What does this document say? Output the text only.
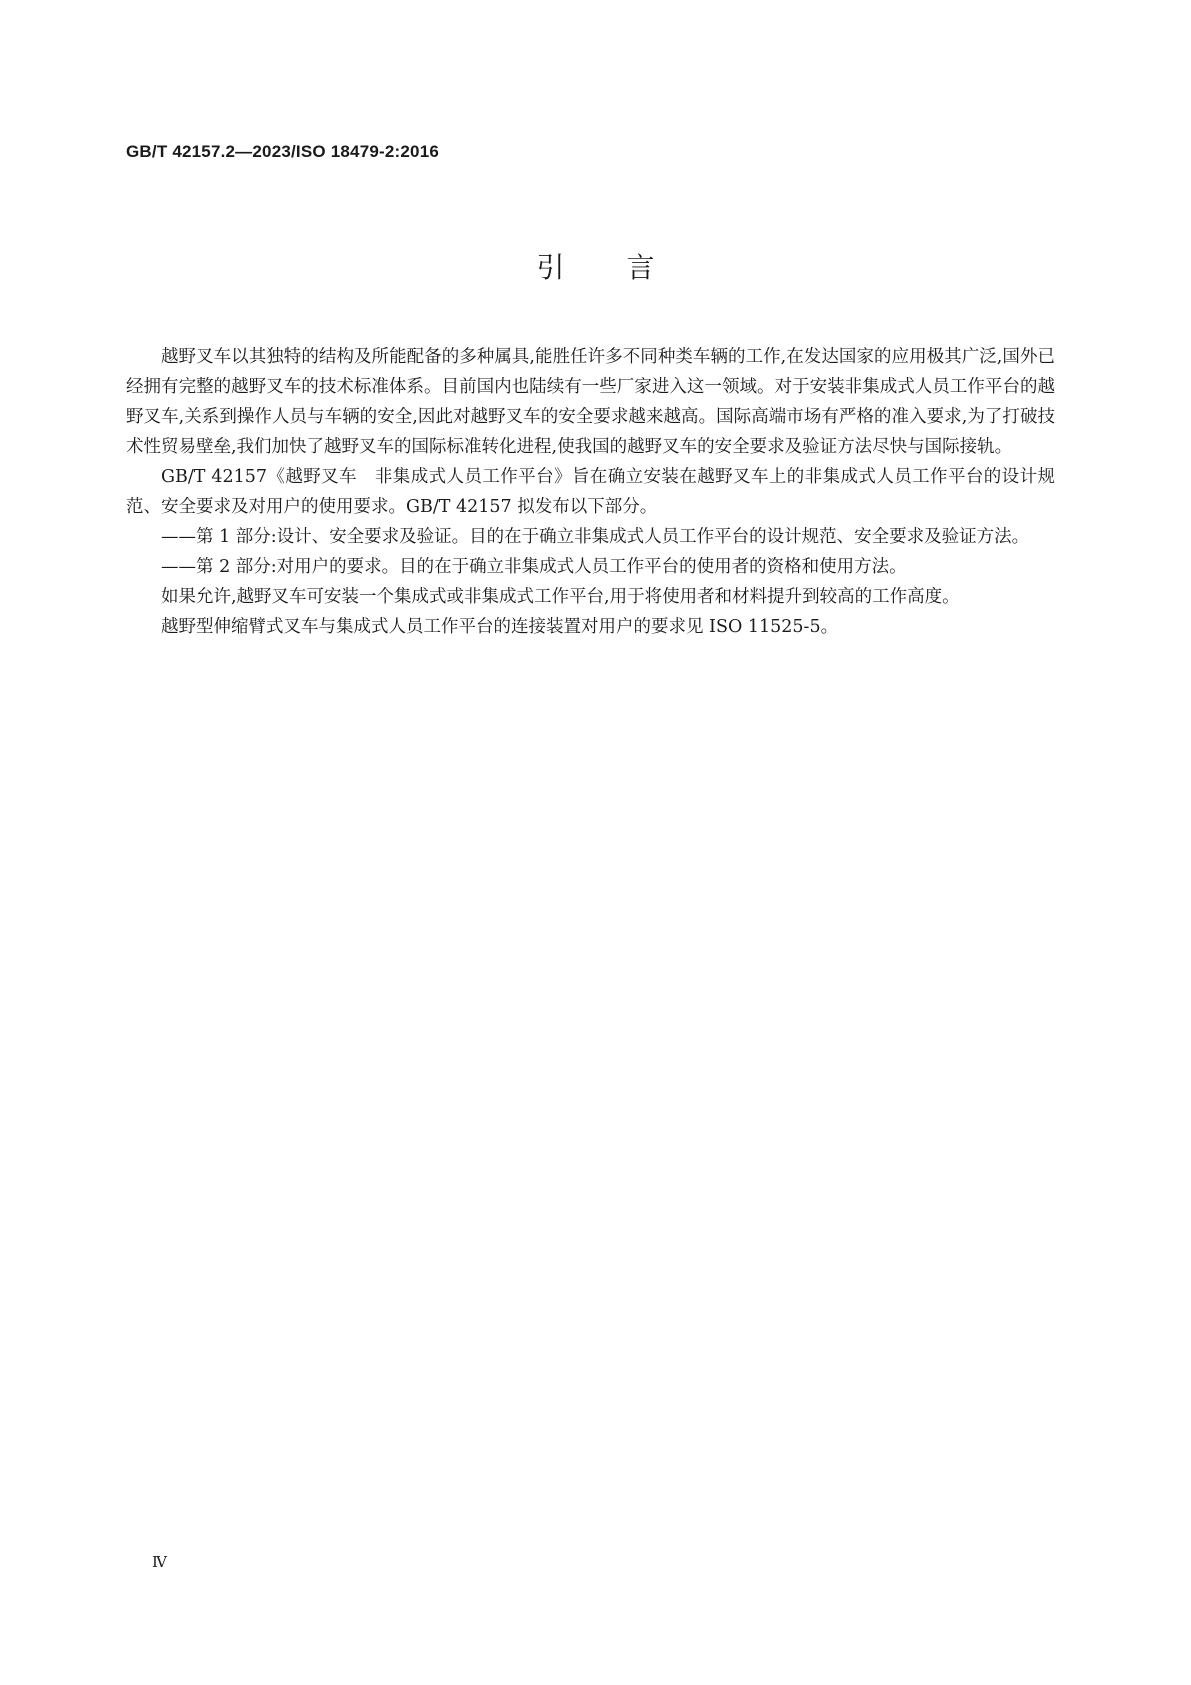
GB/T 42157.2—2023/ISO 18479-2:2016
引言

越野叉车以其独特的结构及所能配备的多种属具,能胜任许多不同种类车辆的工作,在发达国家的应用极其广泛,国外已经拥有完整的越野叉车的技术标准体系。目前国内也陆续有一些厂家进入这一领域。对于安装非集成式人员工作平台的越野叉车,关系到操作人员与车辆的安全,因此对越野叉车的安全要求越来越高。国际高端市场有严格的准入要求,为了打破技术性贸易壁垒,我们加快了越野叉车的国际标准转化进程,使我国的越野叉车的安全要求及验证方法尽快与国际接轨。

GB/T 42157《越野叉车　非集成式人员工作平台》旨在确立安装在越野叉车上的非集成式人员工作平台的设计规范、安全要求及对用户的使用要求。GB/T 42157 拟发布以下部分。

——第 1 部分:设计、安全要求及验证。目的在于确立非集成式人员工作平台的设计规范、安全要求及验证方法。

——第 2 部分:对用户的要求。目的在于确立非集成式人员工作平台的使用者的资格和使用方法。

如果允许,越野叉车可安装一个集成式或非集成式工作平台,用于将使用者和材料提升到较高的工作高度。

越野型伸缩臂式叉车与集成式人员工作平台的连接装置对用户的要求见 ISO 11525-5。

Ⅳ
